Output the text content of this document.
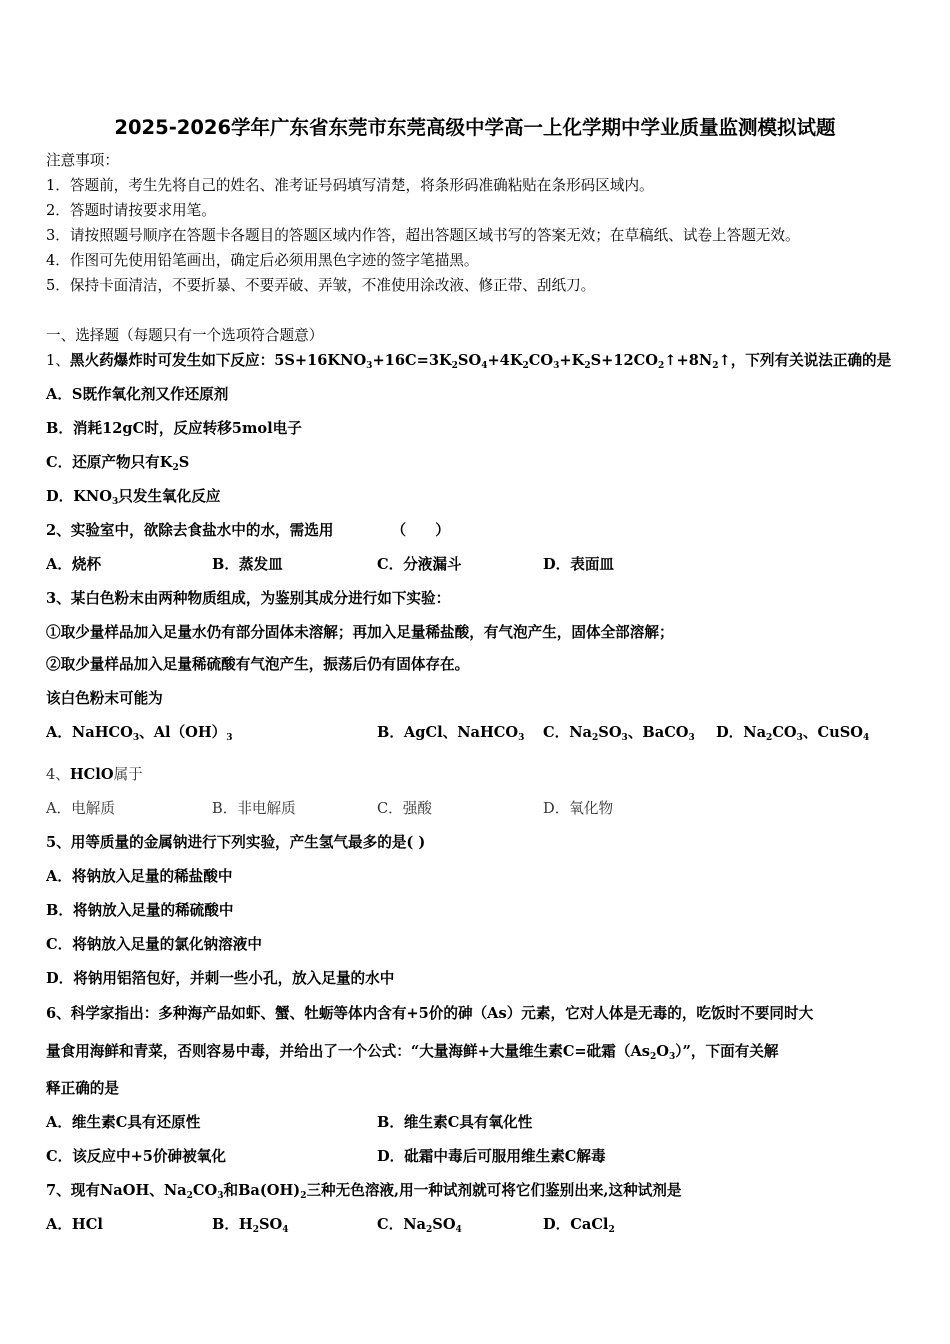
2025-2026学年广东省东莞市东莞高级中学高一上化学期中学业质量监测模拟试题
注意事项：
1．答题前，考生先将自己的姓名、准考证号码填写清楚，将条形码准确粘贴在条形码区域内。
2．答题时请按要求用笔。
3．请按照题号顺序在答题卡各题目的答题区域内作答，超出答题区域书写的答案无效；在草稿纸、试卷上答题无效。
4．作图可先使用铅笔画出，确定后必须用黑色字迹的签字笔描黑。
5．保持卡面清洁，不要折暴、不要弄破、弄皱，不准使用涂改液、修正带、刮纸刀。
一、选择题（每题只有一个选项符合题意）
1、黑火药爆炸时可发生如下反应：$5S+16KNO_3+16C=3K_2SO_4+4K_2CO_3+K_2S+12CO_2↑+8N_2↑$，下列有关说法正确的是
A．S既作氧化剂又作还原剂
B．消耗12gC时，反应转移5mol电子
C．还原产物只有$K_2S$
D．$KNO_3$只发生氧化反应
2、实验室中，欲除去食盐水中的水，需选用	（　　）
A．烧杯	B．蒸发皿	C．分液漏斗	D．表面皿
3、某白色粉末由两种物质组成，为鉴别其成分进行如下实验：
①取少量样品加入足量水仍有部分固体未溶解；再加入足量稀盐酸，有气泡产生，固体全部溶解；
②取少量样品加入足量稀硫酸有气泡产生，振荡后仍有固体存在。
该白色粉末可能为
A．NaHCO$_3$、$Al(OH)_3$	B．AgCl、NaHCO$_3$ C．$Na_2SO_3$、BaCO$_3$ D．$Na_2CO_3$、CuSO$_4$
4、HClO属于
A．电解质	B．非电解质	C．强酸	D．氧化物
5、用等质量的金属钠进行下列实验，产生氢气最多的是( )
A．将钠放入足量的稀盐酸中
B．将钠放入足量的稀硫酸中
C．将钠放入足量的氯化钠溶液中
D．将钠用铝箔包好，并刺一些小孔，放入足量的水中
6、科学家指出：多种海产品如虾、蟹、牡蛎等体内含有+5价的砷（As）元素，它对人体是无毒的，吃饭时不要同时大
量食用海鲜和青菜，否则容易中毒，并给出了一个公式：“大量海鲜+大量维生素C=砒霜$(As_2O_3)$”，下面有关解
释正确的是
A．维生素C具有还原性	B．维生素C具有氧化性
C．该反应中+5价砷被氧化	D．砒霜中毒后可服用维生素C解毒
7、现有NaOH、$Na_2CO_3$和$Ba(OH)_2$三种无色溶液,用一种试剂就可将它们鉴别出来,这种试剂是
A．HCl	B．$H_2SO_4$	C．$Na_2SO_4$	D．CaCl$_2$
